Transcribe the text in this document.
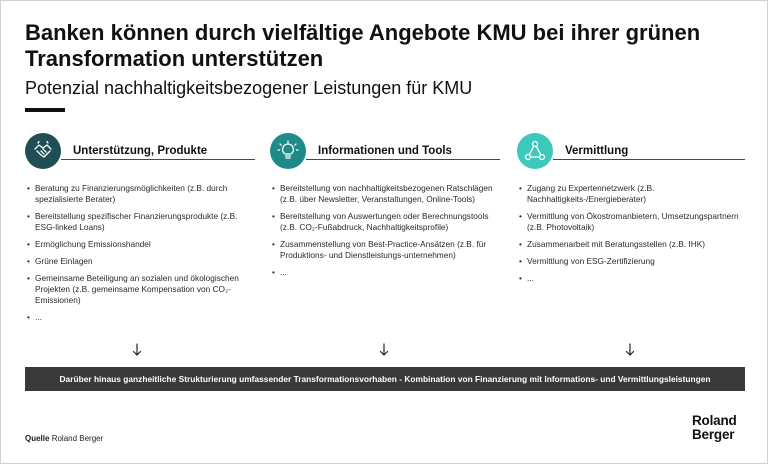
Banken können durch vielfältige Angebote KMU bei ihrer grünen Transformation unterstützen
Potenzial nachhaltigkeitsbezogener Leistungen für KMU
Unterstützung, Produkte
• Beratung zu Finanzierungsmöglichkeiten (z.B. durch spezialisierte Berater)
• Bereitstellung spezifischer Finanzierungsprodukte (z.B. ESG-linked Loans)
• Ermöglichung Emissionshandel
• Grüne Einlagen
• Gemeinsame Beteiligung an sozialen und ökologischen Projekten (z.B. gemeinsame Kompensation von CO₂-Emissionen)
• ...
Informationen und Tools
• Bereitstellung von nachhaltigkeitsbezogenen Ratschlägen (z.B. über Newsletter, Veranstaltungen, Online-Tools)
• Bereitstellung von Auswertungen oder Berechnungstools (z.B. CO₂-Fußabdruck, Nachhaltigkeitsprofile)
• Zusammenstellung von Best-Practice-Ansätzen (z.B. für Produktions- und Dienstleistungs-unternehmen)
• ...
Vermittlung
• Zugang zu Expertennetzwerk (z.B. Nachhaltigkeits-/Energieberater)
• Vermittlung von Ökostromanbietern, Umsetzungspartnern (z.B. Photovoltaik)
• Zusammenarbeit mit Beratungsstellen (z.B. IHK)
• Vermittlung von ESG-Zertifizierung
• ...
Darüber hinaus ganzheitliche Strukturierung umfassender Transformationsvorhaben - Kombination von Finanzierung mit Informations- und Vermittlungsleistungen
Quelle Roland Berger
Roland
Berger
